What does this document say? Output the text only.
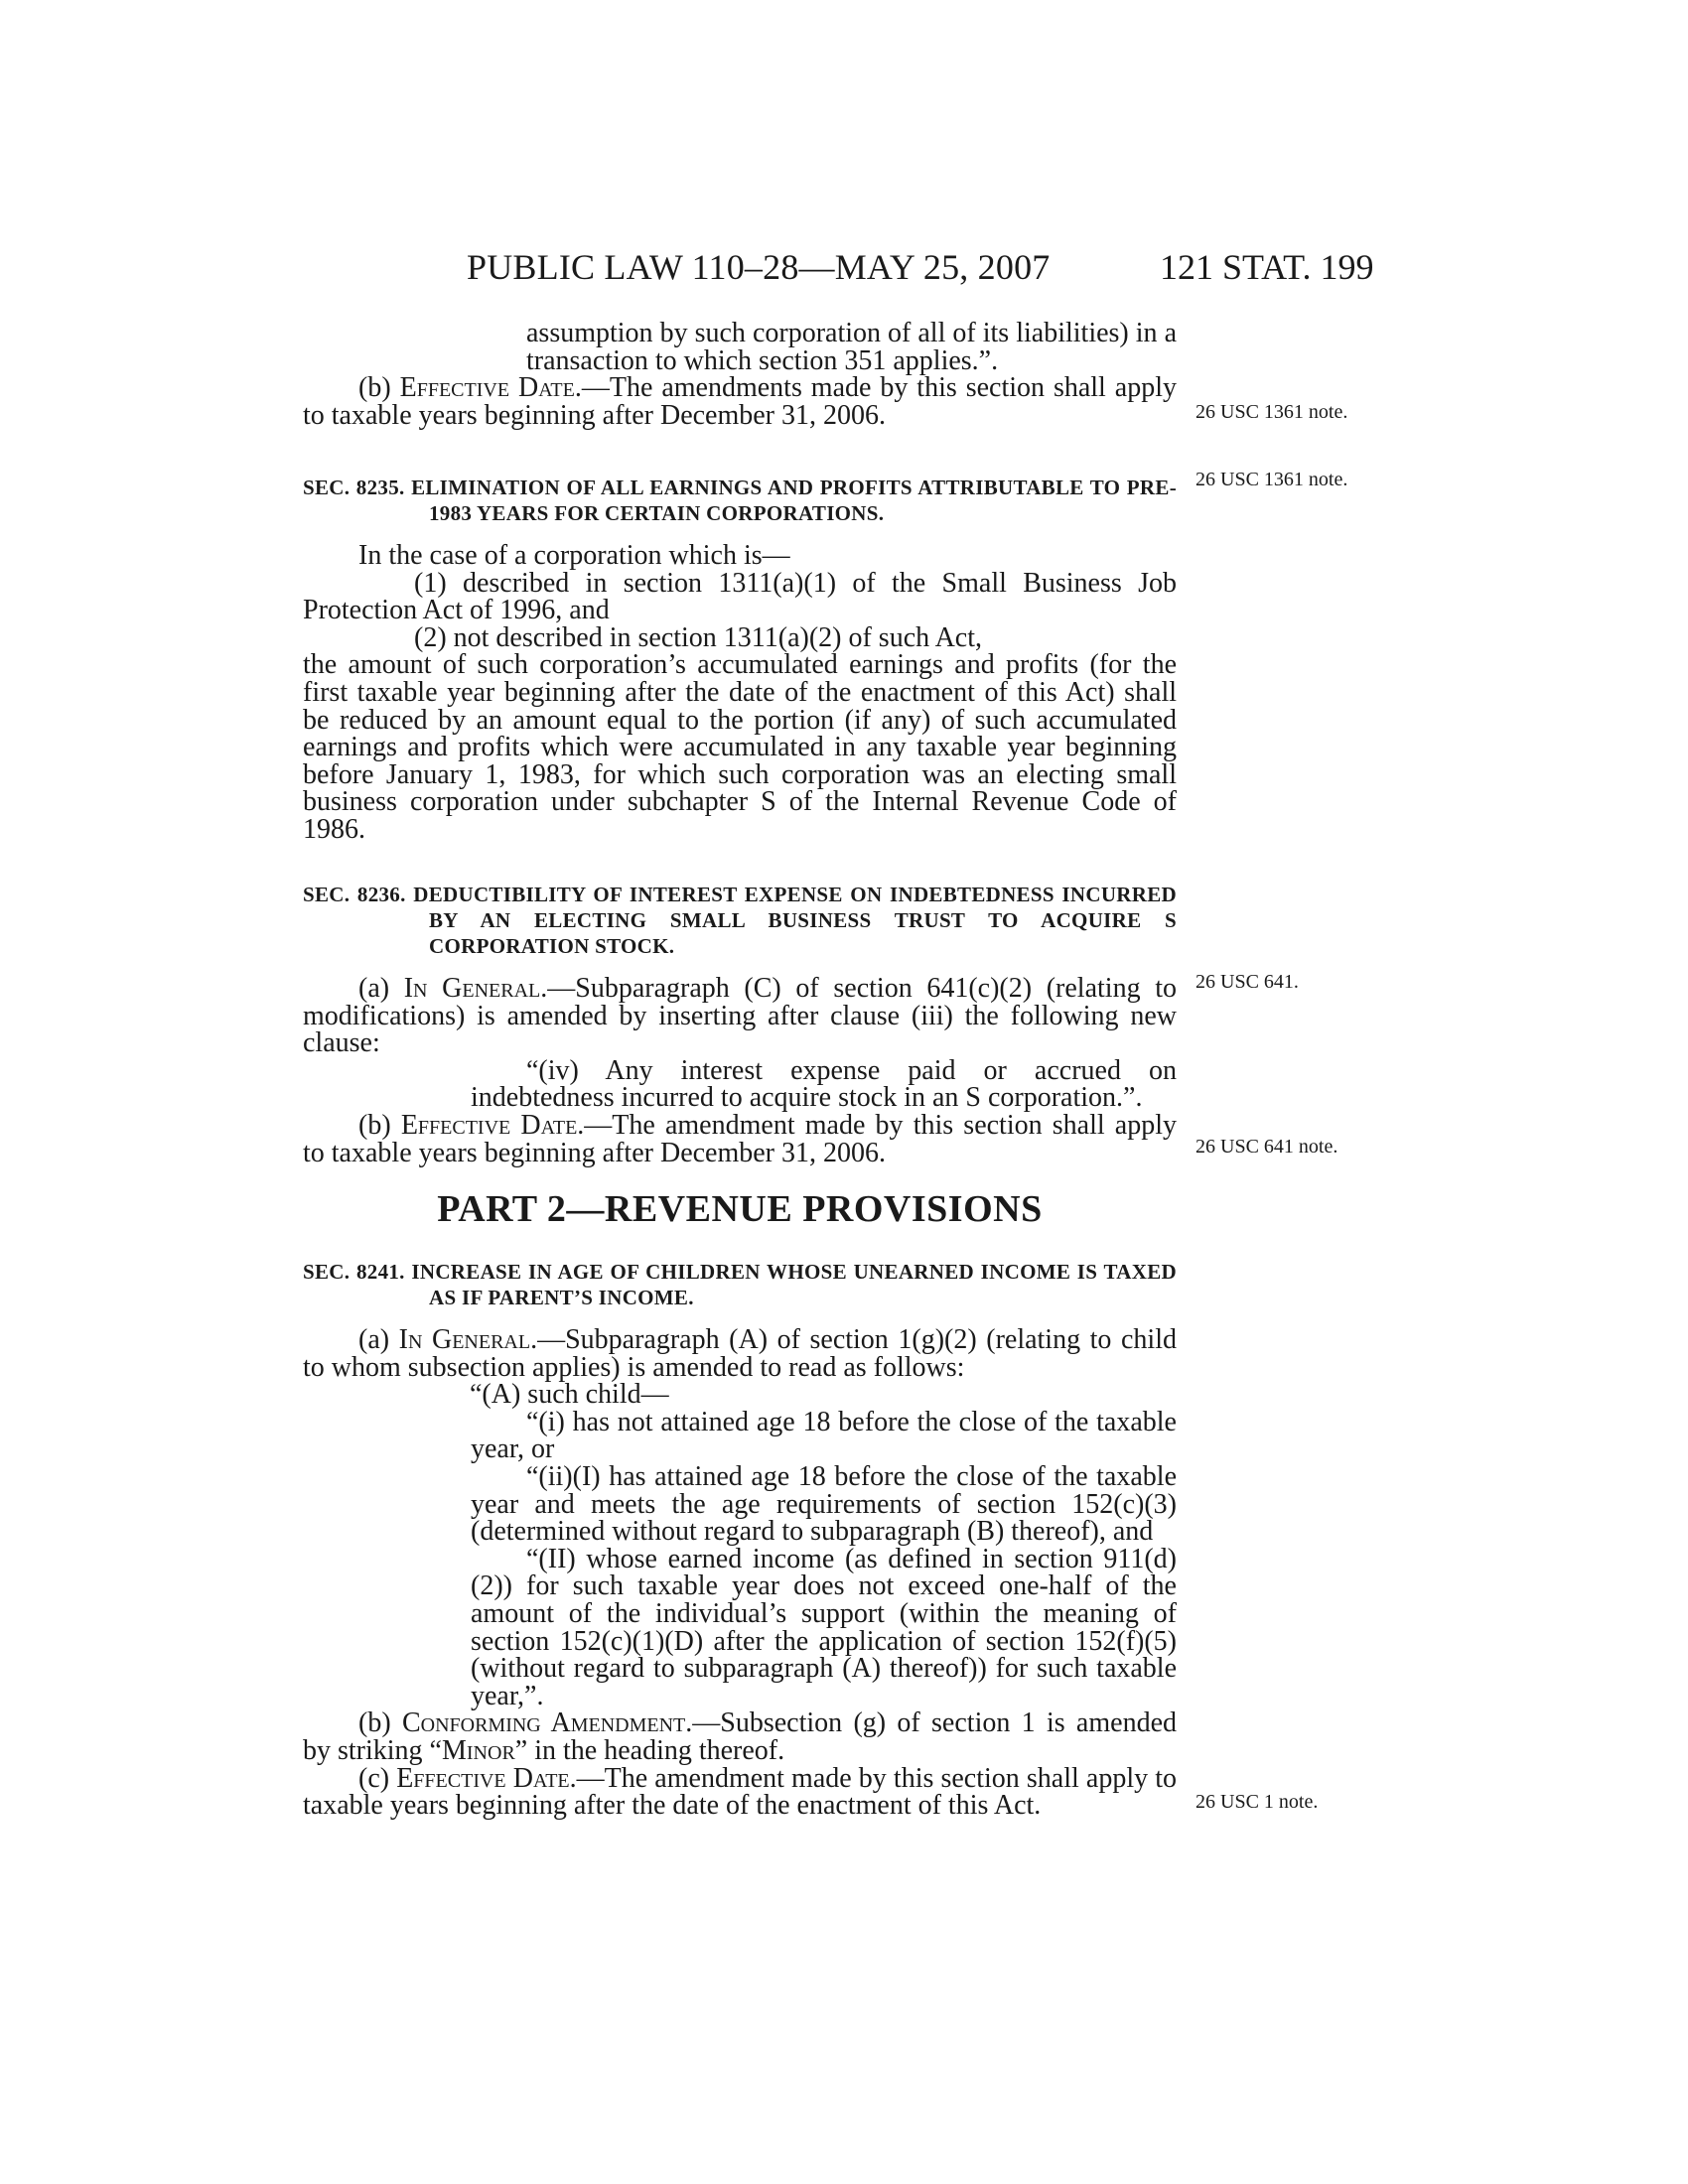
PUBLIC LAW 110–28—MAY 25, 2007	121 STAT. 199
26 USC 1361 note.
26 USC 1361 note.
26 USC 641.
26 USC 641 note.
26 USC 1 note.

assumption by such corporation of all of its liabilities) in a transaction to which section 351 applies.”.

(b) Effective Date.—The amendments made by this section shall apply to taxable years beginning after December 31, 2006.

SEC. 8235. ELIMINATION OF ALL EARNINGS AND PROFITS ATTRIBUTABLE TO PRE-1983 YEARS FOR CERTAIN CORPORATIONS.

In the case of a corporation which is—

(1) described in section 1311(a)(1) of the Small Business Job Protection Act of 1996, and

(2) not described in section 1311(a)(2) of such Act,

the amount of such corporation’s accumulated earnings and profits (for the first taxable year beginning after the date of the enactment of this Act) shall be reduced by an amount equal to the portion (if any) of such accumulated earnings and profits which were accumulated in any taxable year beginning before January 1, 1983, for which such corporation was an electing small business corporation under subchapter S of the Internal Revenue Code of 1986.

SEC. 8236. DEDUCTIBILITY OF INTEREST EXPENSE ON INDEBTEDNESS INCURRED BY AN ELECTING SMALL BUSINESS TRUST TO ACQUIRE S CORPORATION STOCK.

(a) In General.—Subparagraph (C) of section 641(c)(2) (relating to modifications) is amended by inserting after clause (iii) the following new clause:

“(iv) Any interest expense paid or accrued on indebtedness incurred to acquire stock in an S corporation.”.

(b) Effective Date.—The amendment made by this section shall apply to taxable years beginning after December 31, 2006.

PART 2—REVENUE PROVISIONS

SEC. 8241. INCREASE IN AGE OF CHILDREN WHOSE UNEARNED INCOME IS TAXED AS IF PARENT’S INCOME.

(a) In General.—Subparagraph (A) of section 1(g)(2) (relating to child to whom subsection applies) is amended to read as follows:

“(A) such child—

“(i) has not attained age 18 before the close of the taxable year, or

“(ii)(I) has attained age 18 before the close of the taxable year and meets the age requirements of section 152(c)(3) (determined without regard to subparagraph (B) thereof), and

“(II) whose earned income (as defined in section 911(d)(2)) for such taxable year does not exceed one-half of the amount of the individual’s support (within the meaning of section 152(c)(1)(D) after the application of section 152(f)(5) (without regard to subparagraph (A) thereof)) for such taxable year,”.

(b) Conforming Amendment.—Subsection (g) of section 1 is amended by striking “Minor” in the heading thereof.

(c) Effective Date.—The amendment made by this section shall apply to taxable years beginning after the date of the enactment of this Act.
